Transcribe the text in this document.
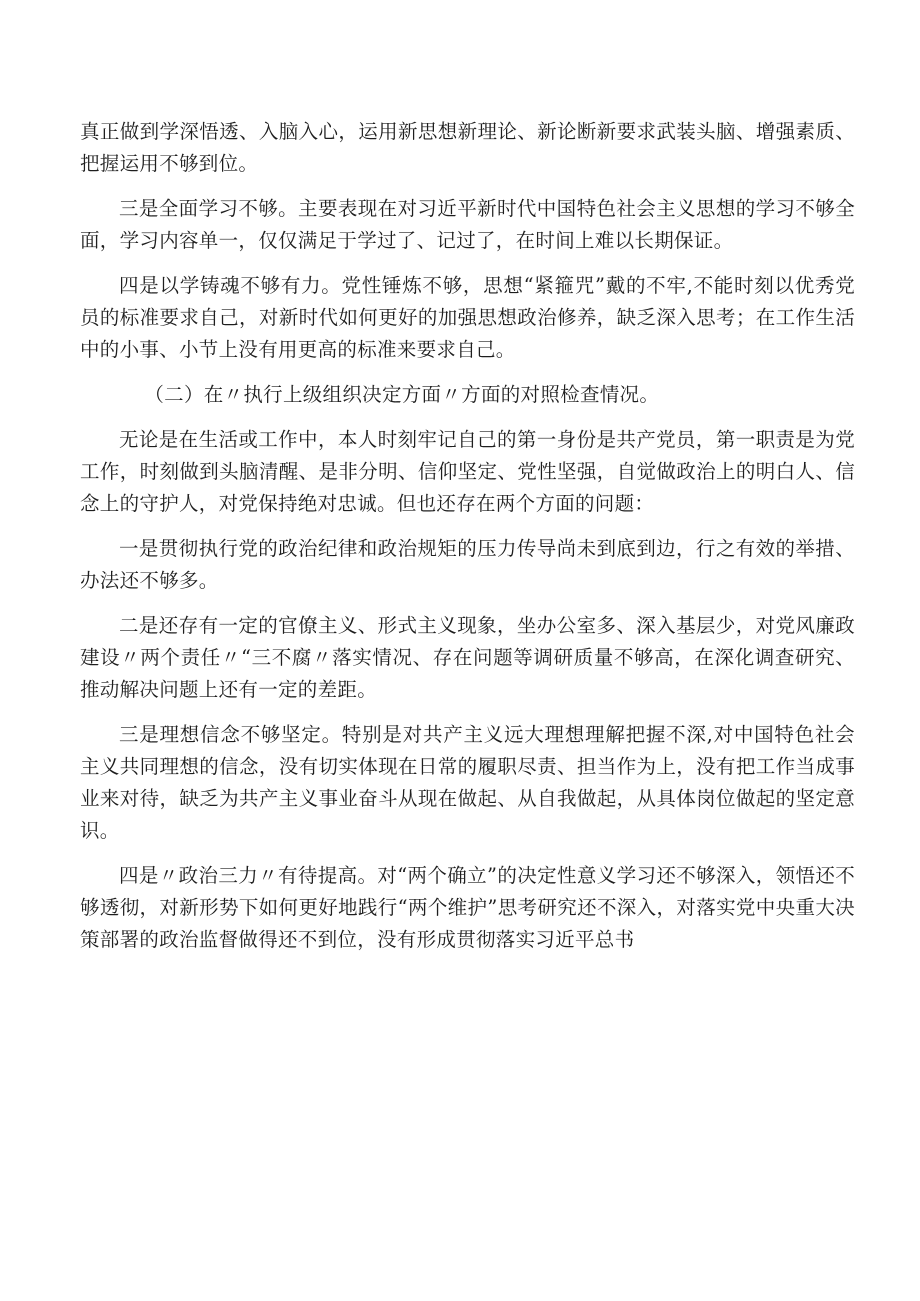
真正做到学深悟透、入脑入心，运用新思想新理论、新论断新要求武装头脑、增强素质、把握运用不够到位。

三是全面学习不够。主要表现在对习近平新时代中国特色社会主义思想的学习不够全面，学习内容单一，仅仅满足于学过了、记过了，在时间上难以长期保证。

四是以学铸魂不够有力。党性锤炼不够，思想“紧箍咒”戴的不牢,不能时刻以优秀党员的标准要求自己，对新时代如何更好的加强思想政治修养，缺乏深入思考；在工作生活中的小事、小节上没有用更高的标准来要求自己。

（二）在〃执行上级组织决定方面〃方面的对照检查情况。

无论是在生活或工作中，本人时刻牢记自己的第一身份是共产党员，第一职责是为党工作，时刻做到头脑清醒、是非分明、信仰坚定、党性坚强，自觉做政治上的明白人、信念上的守护人，对党保持绝对忠诚。但也还存在两个方面的问题：

一是贯彻执行党的政治纪律和政治规矩的压力传导尚未到底到边，行之有效的举措、办法还不够多。

二是还存有一定的官僚主义、形式主义现象，坐办公室多、深入基层少，对党风廉政建设〃两个责任〃“三不腐〃落实情况、存在问题等调研质量不够高，在深化调查研究、推动解决问题上还有一定的差距。

三是理想信念不够坚定。特别是对共产主义远大理想理解把握不深,对中国特色社会主义共同理想的信念，没有切实体现在日常的履职尽责、担当作为上，没有把工作当成事业来对待，缺乏为共产主义事业奋斗从现在做起、从自我做起，从具体岗位做起的坚定意识。

四是〃政治三力〃有待提高。对“两个确立”的决定性意义学习还不够深入，领悟还不够透彻，对新形势下如何更好地践行“两个维护”思考研究还不深入，对落实党中央重大决策部署的政治监督做得还不到位，没有形成贯彻落实习近平总书
